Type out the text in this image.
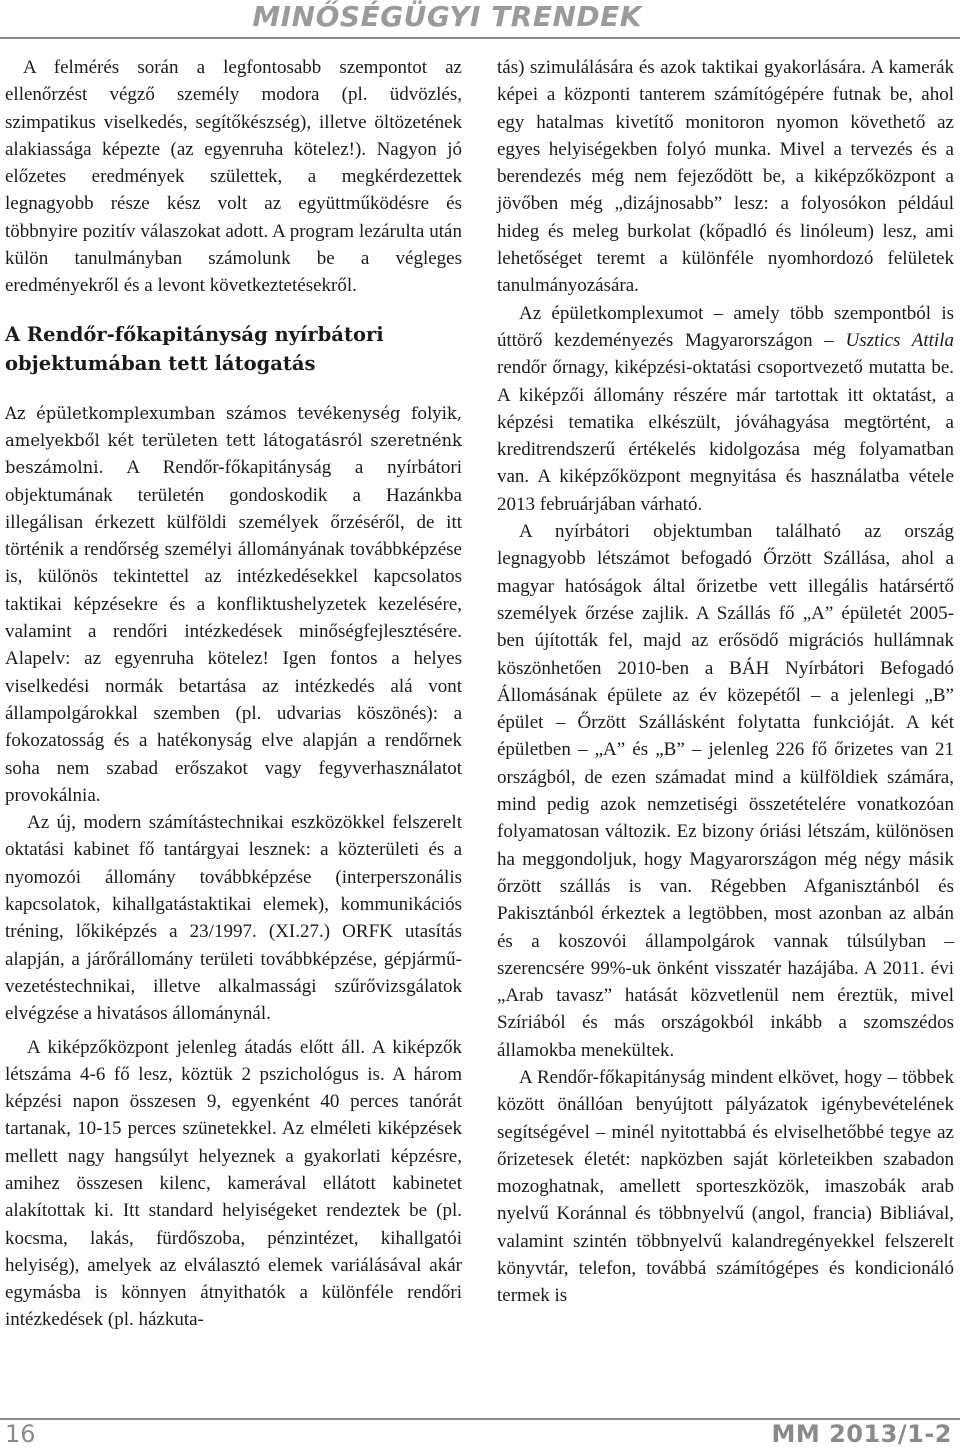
MINŐSÉGÜGYI TRENDEK

A felmérés során a legfontosabb szempontot az ellenőrzést végző személy modora (pl. üdvözlés, szimpatikus viselkedés, segítőkészség), illetve öltözetének alakiassága képezte (az egyenruha kötelez!). Nagyon jó előzetes eredmények születtek, a megkérdezettek legnagyobb része kész volt az együttműködésre és többnyire pozitív válaszokat adott. A program lezárulta után külön tanulmányban számolunk be a végleges eredményekről és a levont következtetésekről.

A Rendőr-főkapitányság nyírbátori objektumában tett látogatás

Az épületkomplexumban számos tevékenység folyik, amelyekből két területen tett látogatásról szeretnénk beszámolni. A Rendőr-főkapitányság a nyírbátori objektumának területén gondoskodik a Hazánkba illegálisan érkezett külföldi személyek őrzéséről, de itt történik a rendőrség személyi állományának továbbképzése is, különös tekintettel az intézkedésekkel kapcsolatos taktikai képzésekre és a konfliktushelyzetek kezelésére, valamint a rendőri intézkedések minőségfejlesztésére. Alapelv: az egyenruha kötelez! Igen fontos a helyes viselkedési normák betartása az intézkedés alá vont állampolgárokkal szemben (pl. udvarias köszönés): a fokozatosság és a hatékonyság elve alapján a rendőrnek soha nem szabad erőszakot vagy fegyverhasználatot provokálnia.

Az új, modern számítástechnikai eszközökkel felszerelt oktatási kabinet fő tantárgyai lesznek: a közterületi és a nyomozói állomány továbbképzése (interperszonális kapcsolatok, kihallgatástaktikai elemek), kommunikációs tréning, lőkiképzés a 23/1997. (XI.27.) ORFK utasítás alapján, a járőrállomány területi továbbképzése, gépjármű-vezetéstechnikai, illetve alkalmassági szűrővizsgálatok elvégzése a hivatásos állománynál.

A kiképzőközpont jelenleg átadás előtt áll. A kiképzők létszáma 4-6 fő lesz, köztük 2 pszichológus is. A három képzési napon összesen 9, egyenként 40 perces tanórát tartanak, 10-15 perces szünetekkel. Az elméleti kiképzések mellett nagy hangsúlyt helyeznek a gyakorlati képzésre, amihez összesen kilenc, kamerával ellátott kabinetet alakítottak ki. Itt standard helyiségeket rendeztek be (pl. kocsma, lakás, fürdőszoba, pénzintézet, kihallgatói helyiség), amelyek az elválasztó elemek variálásával akár egymásba is könnyen átnyithatók a különféle rendőri intézkedések (pl. házkuta-

tás) szimulálására és azok taktikai gyakorlására. A kamerák képei a központi tanterem számítógépére futnak be, ahol egy hatalmas kivetítő monitoron nyomon követhető az egyes helyiségekben folyó munka. Mivel a tervezés és a berendezés még nem fejeződött be, a kiképzőközpont a jövőben még „dizájnosabb” lesz: a folyosókon például hideg és meleg burkolat (kőpadló és linóleum) lesz, ami lehetőséget teremt a különféle nyomhordozó felületek tanulmányozására.

Az épületkomplexumot – amely több szempontból is úttörő kezdeményezés Magyarországon – Usztics Attila rendőr őrnagy, kiképzési-oktatási csoportvezető mutatta be. A kiképzői állomány részére már tartottak itt oktatást, a képzési tematika elkészült, jóváhagyása megtörtént, a kreditrendszerű értékelés kidolgozása még folyamatban van. A kiképzőközpont megnyitása és használatba vétele 2013 februárjában várható.

A nyírbátori objektumban található az ország legnagyobb létszámot befogadó Őrzött Szállása, ahol a magyar hatóságok által őrizetbe vett illegális határsértő személyek őrzése zajlik. A Szállás fő „A” épületét 2005-ben újították fel, majd az erősödő migrációs hullámnak köszönhetően 2010-ben a BÁH Nyírbátori Befogadó Állomásának épülete az év közepétől – a jelenlegi „B” épület – Őrzött Szállásként folytatta funkcióját. A két épületben – „A” és „B” – jelenleg 226 fő őrizetes van 21 országból, de ezen számadat mind a külföldiek számára, mind pedig azok nemzetiségi összetételére vonatkozóan folyamatosan változik. Ez bizony óriási létszám, különösen ha meggondoljuk, hogy Magyarországon még négy másik őrzött szállás is van. Régebben Afganisztánból és Pakisztánból érkeztek a legtöbben, most azonban az albán és a koszovói állampolgárok vannak túlsúlyban – szerencsére 99%-uk önként visszatér hazájába. A 2011. évi „Arab tavasz” hatását közvetlenül nem éreztük, mivel Szíriából és más országokból inkább a szomszédos államokba menekültek.

A Rendőr-főkapitányság mindent elkövet, hogy – többek között önállóan benyújtott pályázatok igénybevételének segítségével – minél nyitottabbá és elviselhetőbbé tegye az őrizetesek életét: napközben saját körleteikben szabadon mozoghatnak, amellett sporteszközök, imaszobák arab nyelvű Koránnal és többnyelvű (angol, francia) Bibliával, valamint szintén többnyelvű kalandregényekkel felszerelt könyvtár, telefon, továbbá számítógépes és kondicionáló termek is

16	MM 2013/1-2
